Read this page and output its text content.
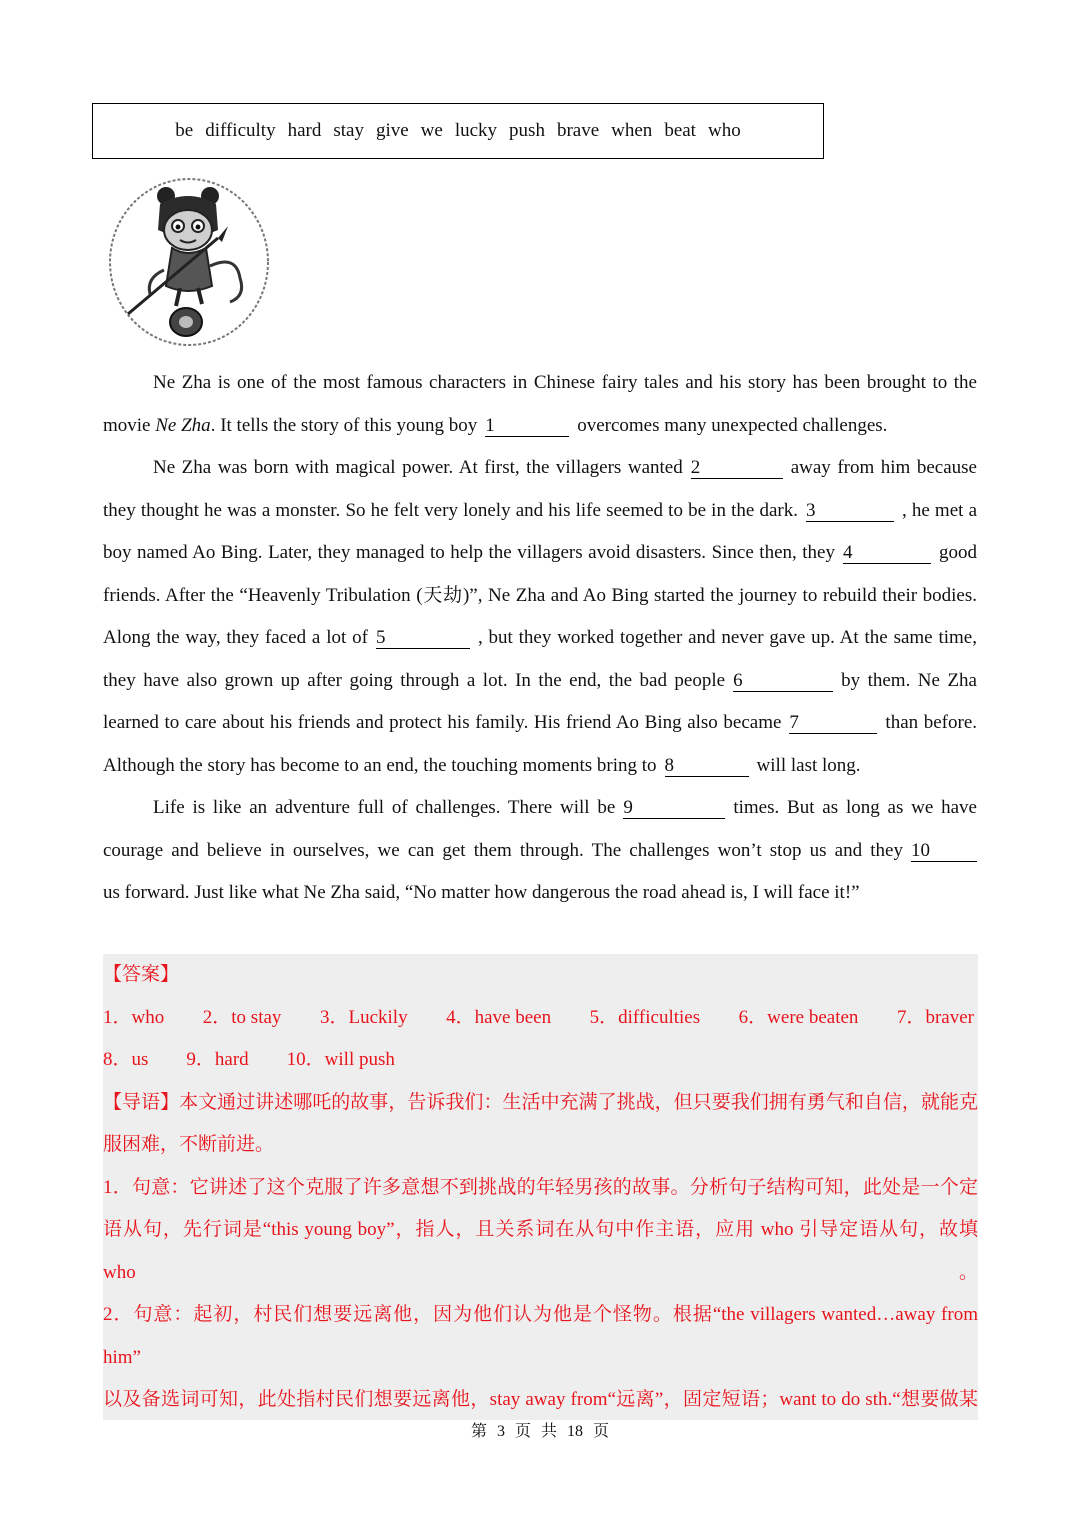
be difficulty hard stay give we lucky push brave when beat who

Ne Zha is one of the most famous characters in Chinese fairy tales and his story has been brought to the

movie Ne Zha. It tells the story of this young boy 1	overcomes many unexpected challenges.

Ne Zha was born with magical power. At first, the villagers wanted 2	away from him because

they thought he was a monster. So he felt very lonely and his life seemed to be in the dark. 3	, he met a

boy named Ao Bing. Later, they managed to help the villagers avoid disasters. Since then, they 4	good

friends. After the “Heavenly Tribulation (天劫)”, Ne Zha and Ao Bing started the journey to rebuild their bodies.

Along the way, they faced a lot of 5	, but they worked together and never gave up. At the same time,

they have also grown up after going through a lot. In the end, the bad people 6	by them. Ne Zha

learned to care about his friends and protect his family. His friend Ao Bing also became 7	than before.

Although the story has become to an end, the touching moments bring to 8	will last long.

Life is like an adventure full of challenges. There will be 9	times. But as long as we have

courage and believe in ourselves, we can get them through. The challenges won’t stop us and they 10

us forward. Just like what Ne Zha said, “No matter how dangerous the road ahead is, I will face it!”

【答案】
1．who 2．to stay 3．Luckily 4．have been 5．difficulties 6．were beaten 7．braver
8．us 9．hard 10．will push
【导语】本文通过讲述哪吒的故事，告诉我们：生活中充满了挑战，但只要我们拥有勇气和自信，就能克
服困难，不断前进。
1．句意：它讲述了这个克服了许多意想不到挑战的年轻男孩的故事。分析句子结构可知，此处是一个定
语从句，先行词是“this young boy”，指人，且关系词在从句中作主语，应用 who 引导定语从句，故填 who。
2．句意：起初，村民们想要远离他，因为他们认为他是个怪物。根据“the villagers wanted…away from him”
以及备选词可知，此处指村民们想要远离他，stay away from“远离”，固定短语；want to do sth.“想要做某
第 3 页 共 18 页
